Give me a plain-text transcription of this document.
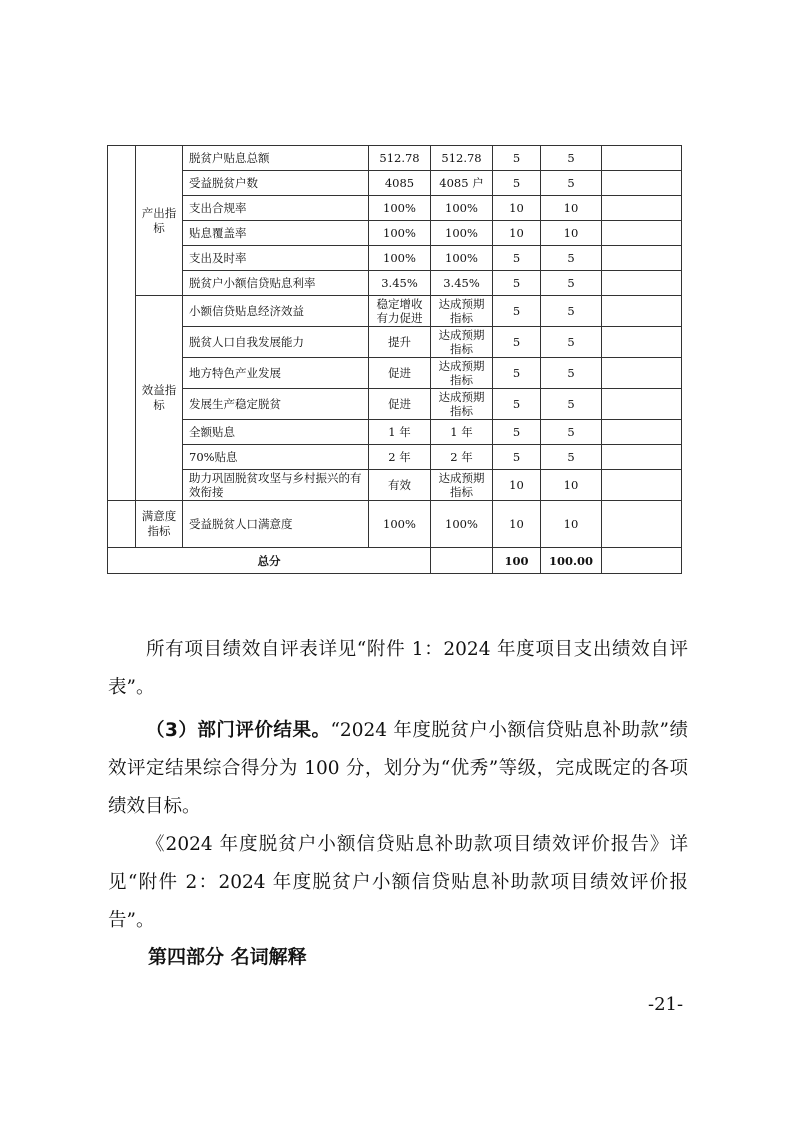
	产出指标	脱贫户贴息总额	512.78	512.78	5	5	
		受益脱贫户数	4085	4085 户	5	5	
		支出合规率	100%	100%	10	10	
		贴息覆盖率	100%	100%	10	10	
		支出及时率	100%	100%	5	5	
		脱贫户小额信贷贴息利率	3.45%	3.45%	5	5	
	效益指标	小额信贷贴息经济效益	稳定增收有力促进	达成预期指标	5	5	
		脱贫人口自我发展能力	提升	达成预期指标	5	5	
		地方特色产业发展	促进	达成预期指标	5	5	
		发展生产稳定脱贫	促进	达成预期指标	5	5	
		全额贴息	1 年	1 年	5	5	
		70%贴息	2 年	2 年	5	5	
		助力巩固脱贫攻坚与乡村振兴的有效衔接	有效	达成预期指标	10	10	
	满意度指标	受益脱贫人口满意度	100%	100%	10	10	
总分					100	100.00	

所有项目绩效自评表详见“附件 1：2024 年度项目支出绩效自评表”。

（3）部门评价结果。“2024 年度脱贫户小额信贷贴息补助款”绩效评定结果综合得分为 100 分，划分为“优秀”等级，完成既定的各项绩效目标。

《2024 年度脱贫户小额信贷贴息补助款项目绩效评价报告》详见“附件 2：2024 年度脱贫户小额信贷贴息补助款项目绩效评价报告”。

第四部分 名词解释

-21-
